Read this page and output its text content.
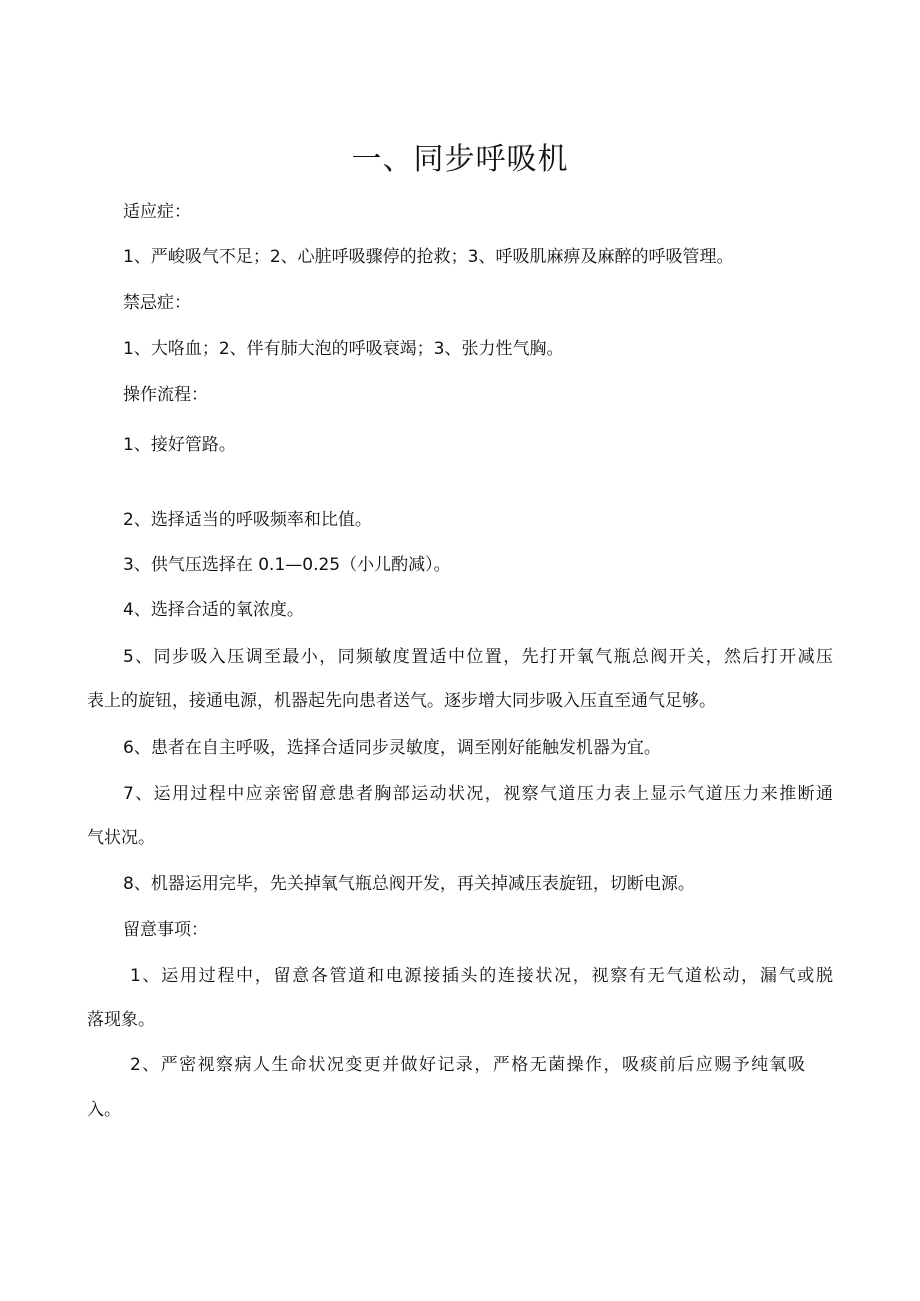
一、同步呼吸机
适应症：
1、严峻吸气不足；2、心脏呼吸骤停的抢救；3、呼吸肌麻痹及麻醉的呼吸管理。
禁忌症：
1、大咯血；2、伴有肺大泡的呼吸衰竭；3、张力性气胸。
操作流程：
1、接好管路。
2、选择适当的呼吸频率和比值。
3、供气压选择在 0.1—0.25（小儿酌减）。
4、选择合适的氧浓度。
5、同步吸入压调至最小，同频敏度置适中位置，先打开氧气瓶总阀开关，然后打开减压
表上的旋钮，接通电源，机器起先向患者送气。逐步增大同步吸入压直至通气足够。
6、患者在自主呼吸，选择合适同步灵敏度，调至刚好能触发机器为宜。
7、运用过程中应亲密留意患者胸部运动状况，视察气道压力表上显示气道压力来推断通
气状况。
8、机器运用完毕，先关掉氧气瓶总阀开发，再关掉减压表旋钮，切断电源。
留意事项：
1、运用过程中，留意各管道和电源接插头的连接状况，视察有无气道松动，漏气或脱
落现象。
2、严密视察病人生命状况变更并做好记录，严格无菌操作，吸痰前后应赐予纯氧吸
入。
